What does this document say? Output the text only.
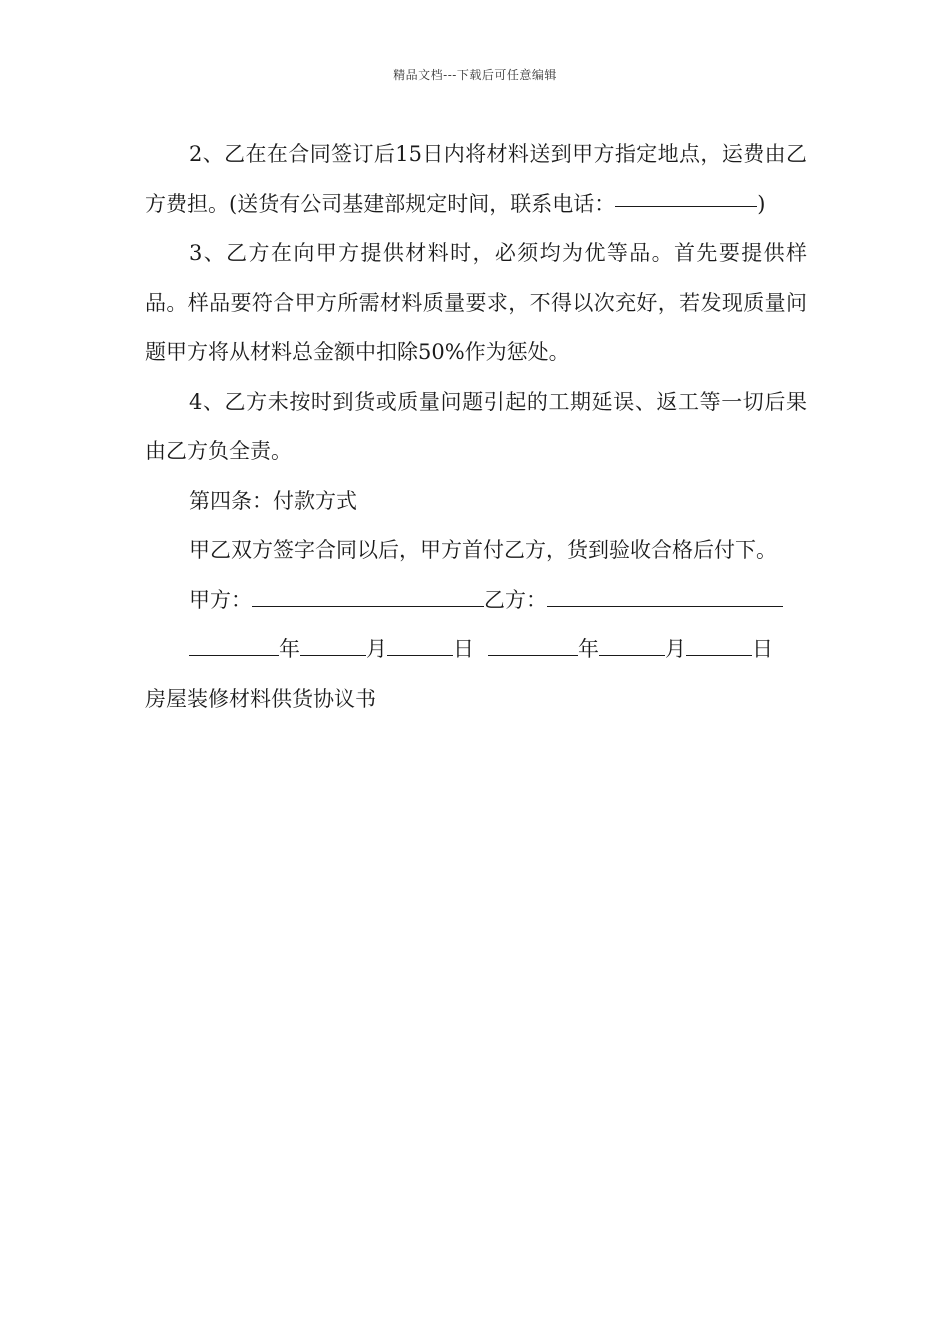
精品文档---下载后可任意编辑

2、乙在在合同签订后15日内将材料送到甲方指定地点，运费由乙方费担。(送货有公司基建部规定时间，联系电话：	)

3、乙方在向甲方提供材料时，必须均为优等品。首先要提供样品。样品要符合甲方所需材料质量要求，不得以次充好，若发现质量问题甲方将从材料总金额中扣除50%作为惩处。

4、乙方未按时到货或质量问题引起的工期延误、返工等一切后果由乙方负全责。

第四条：付款方式

甲乙双方签字合同以后，甲方首付乙方，货到验收合格后付下。

甲方：	乙方：

年	月	日	年	月	日

房屋装修材料供货协议书
